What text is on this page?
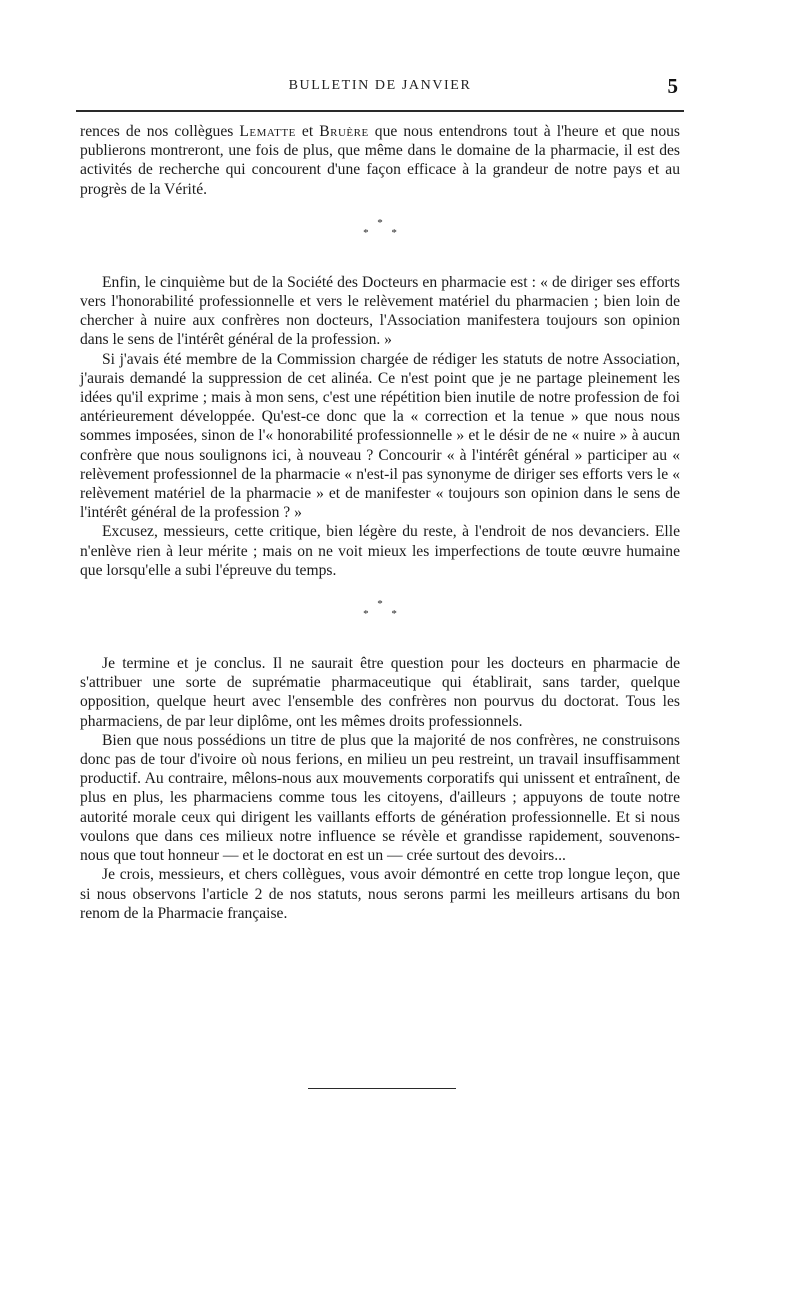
BULLETIN DE JANVIER	5

rences de nos collègues Lematte et Bruère que nous entendrons tout à l'heure et que nous publierons montreront, une fois de plus, que même dans le domaine de la pharmacie, il est des activités de recherche qui concourent d'une façon efficace à la grandeur de notre pays et au progrès de la Vérité.

*
* *

Enfin, le cinquième but de la Société des Docteurs en pharmacie est : « de diriger ses efforts vers l'honorabilité professionnelle et vers le relèvement matériel du pharmacien ; bien loin de chercher à nuire aux confrères non docteurs, l'Association manifestera toujours son opinion dans le sens de l'intérêt général de la profession. »

Si j'avais été membre de la Commission chargée de rédiger les statuts de notre Association, j'aurais demandé la suppression de cet alinéa. Ce n'est point que je ne partage pleinement les idées qu'il exprime ; mais à mon sens, c'est une répétition bien inutile de notre profession de foi antérieurement développée. Qu'est-ce donc que la « correction et la tenue » que nous nous sommes imposées, sinon de l'« honorabilité professionnelle » et le désir de ne « nuire » à aucun confrère que nous soulignons ici, à nouveau ? Concourir « à l'intérêt général » participer au « relèvement professionnel de la pharmacie « n'est-il pas synonyme de diriger ses efforts vers le « relèvement matériel de la pharmacie » et de manifester « toujours son opinion dans le sens de l'intérêt général de la profession ? »

Excusez, messieurs, cette critique, bien légère du reste, à l'endroit de nos devanciers. Elle n'enlève rien à leur mérite ; mais on ne voit mieux les imperfections de toute œuvre humaine que lorsqu'elle a subi l'épreuve du temps.

*
* *

Je termine et je conclus. Il ne saurait être question pour les docteurs en pharmacie de s'attribuer une sorte de suprématie pharmaceutique qui établirait, sans tarder, quelque opposition, quelque heurt avec l'ensemble des confrères non pourvus du doctorat. Tous les pharmaciens, de par leur diplôme, ont les mêmes droits professionnels.

Bien que nous possédions un titre de plus que la majorité de nos confrères, ne construisons donc pas de tour d'ivoire où nous ferions, en milieu un peu restreint, un travail insuffisamment productif. Au contraire, mêlons-nous aux mouvements corporatifs qui unissent et entraînent, de plus en plus, les pharmaciens comme tous les citoyens, d'ailleurs ; appuyons de toute notre autorité morale ceux qui dirigent les vaillants efforts de génération professionnelle. Et si nous voulons que dans ces milieux notre influence se révèle et grandisse rapidement, souvenons-nous que tout honneur — et le doctorat en est un — crée surtout des devoirs...

Je crois, messieurs, et chers collègues, vous avoir démontré en cette trop longue leçon, que si nous observons l'article 2 de nos statuts, nous serons parmi les meilleurs artisans du bon renom de la Pharmacie française.
